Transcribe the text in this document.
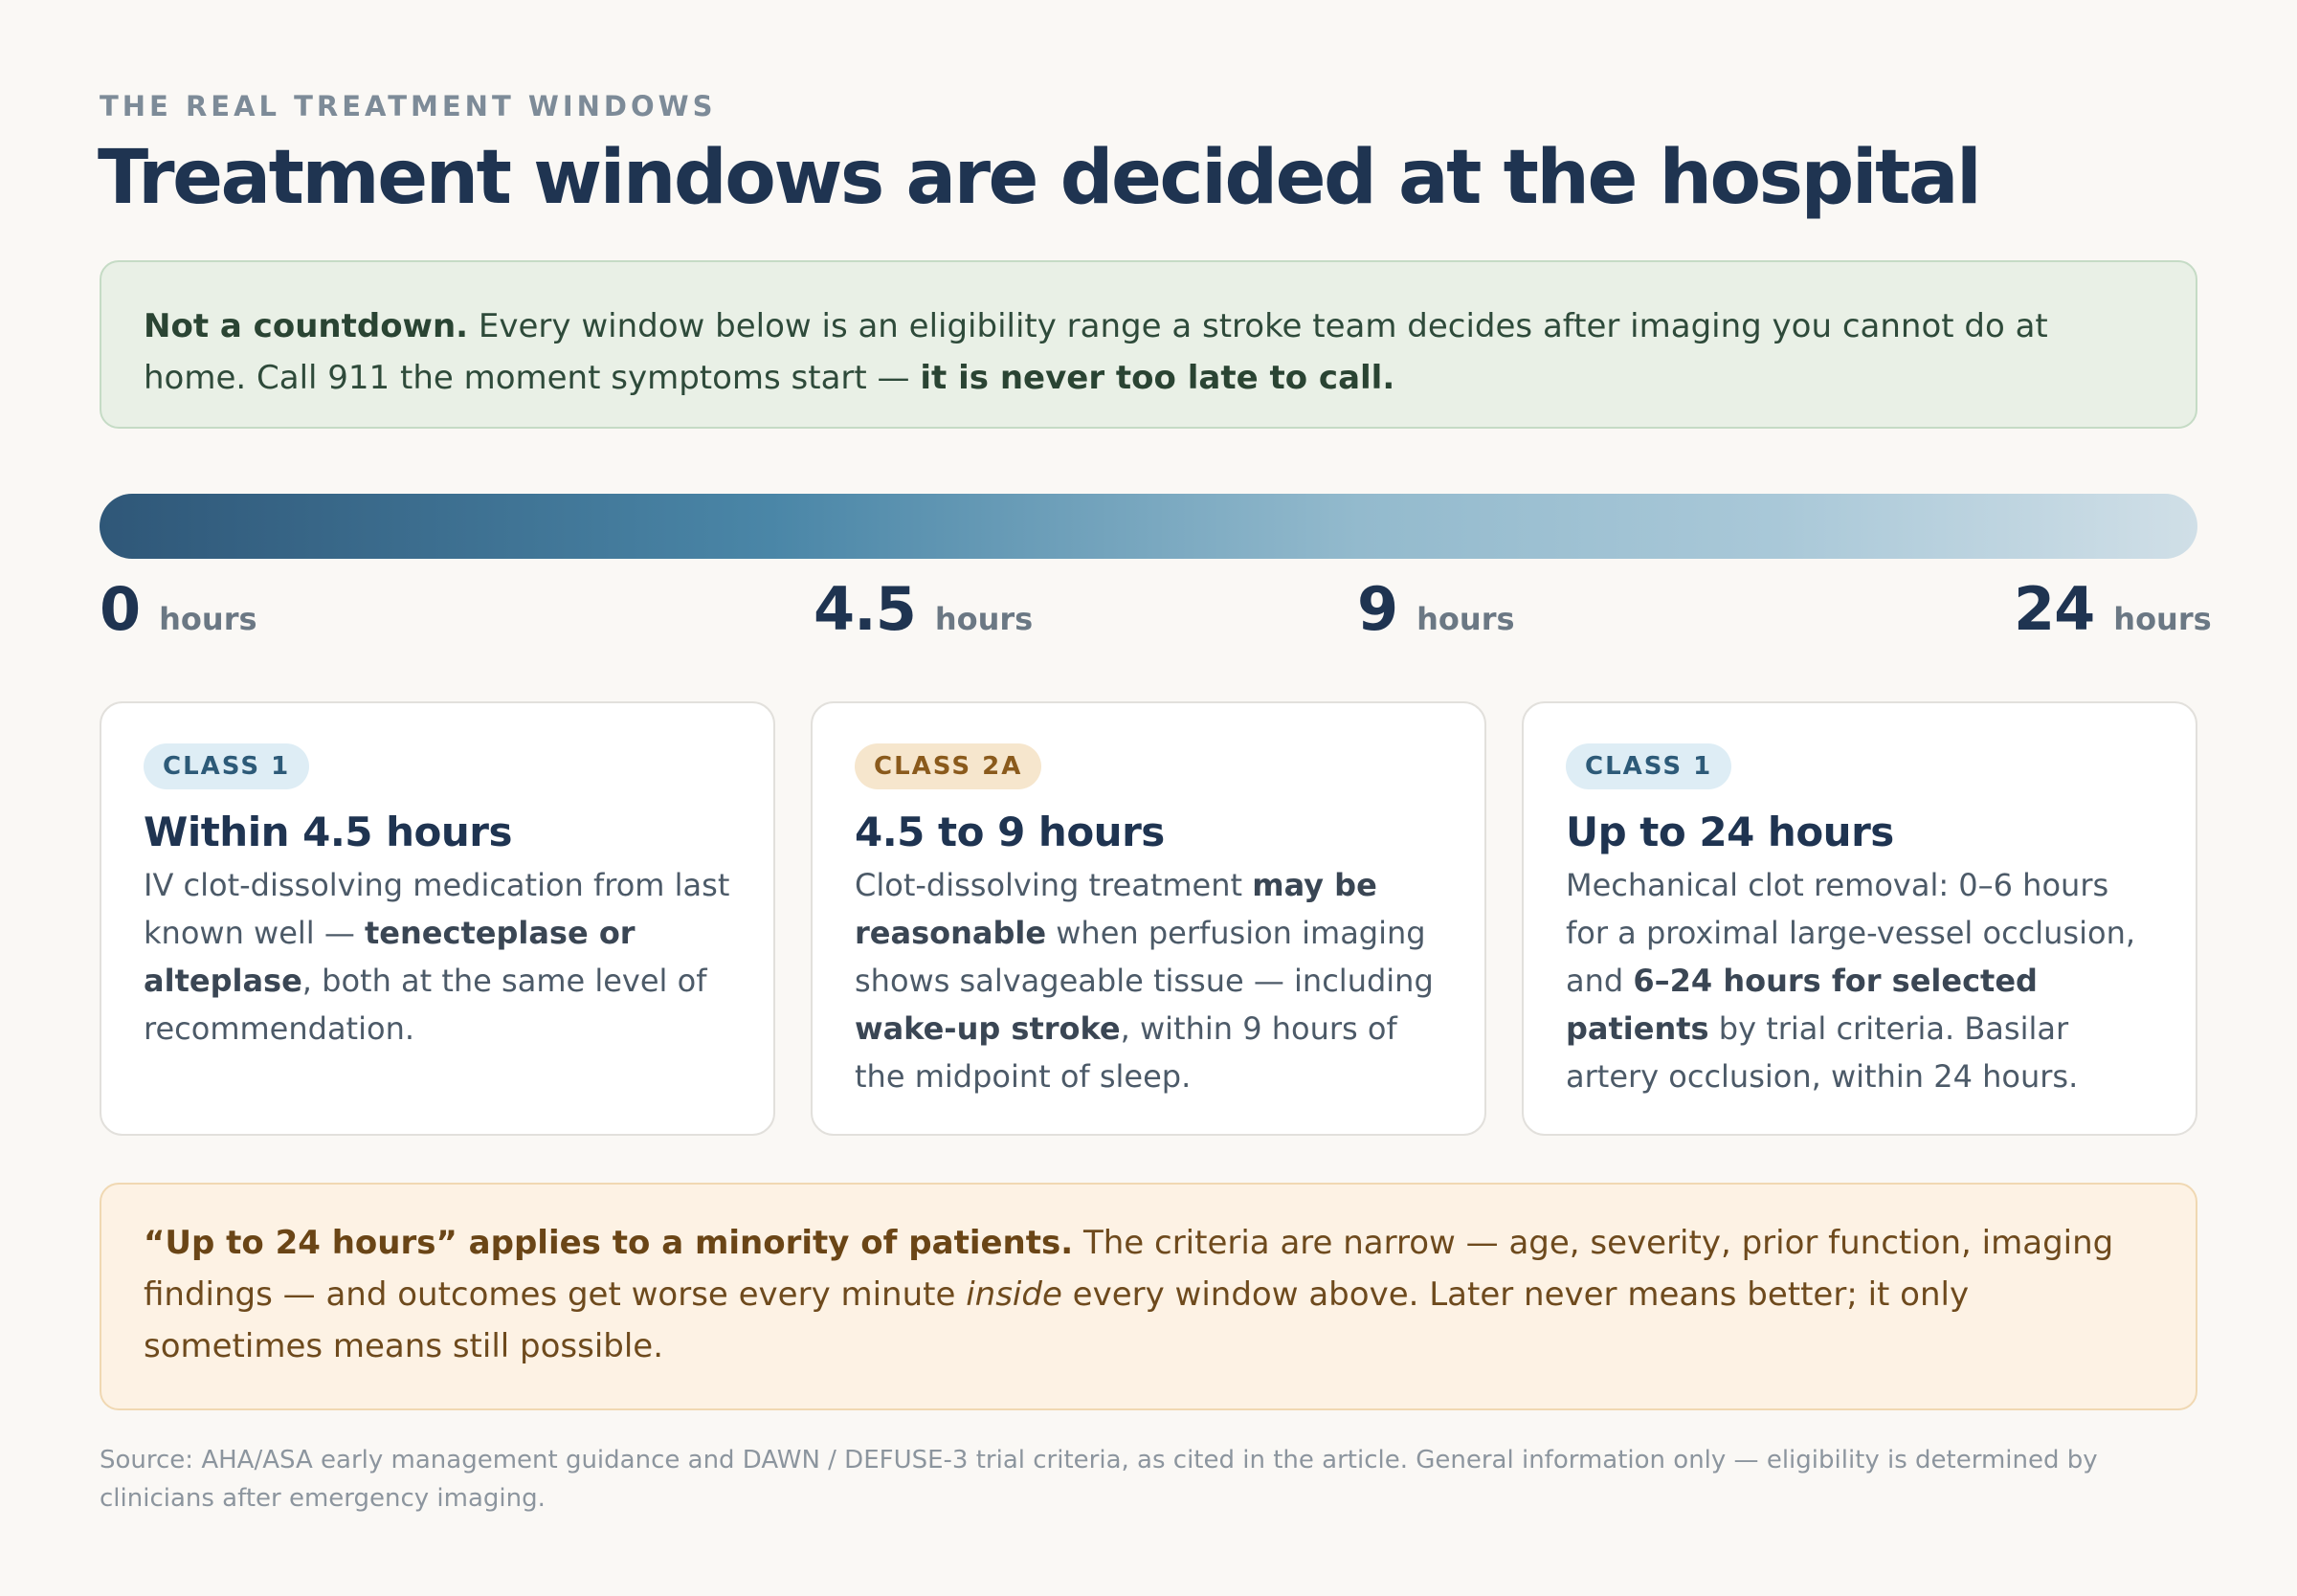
THE REAL TREATMENT WINDOWS
Treatment windows are decided at the hospital
Not a countdown. Every window below is an eligibility range a stroke team decides after imaging you cannot do at home. Call 911 the moment symptoms start — it is never too late to call.
0 hours	4.5 hours	9 hours	24 hours
CLASS 1
Within 4.5 hours
IV clot-dissolving medication from last known well — tenecteplase or alteplase, both at the same level of recommendation.
CLASS 2A
4.5 to 9 hours
Clot-dissolving treatment may be reasonable when perfusion imaging shows salvageable tissue — including wake-up stroke, within 9 hours of the midpoint of sleep.
CLASS 1
Up to 24 hours
Mechanical clot removal: 0–6 hours for a proximal large-vessel occlusion, and 6–24 hours for selected patients by trial criteria. Basilar artery occlusion, within 24 hours.
“Up to 24 hours” applies to a minority of patients. The criteria are narrow — age, severity, prior function, imaging findings — and outcomes get worse every minute inside every window above. Later never means better; it only sometimes means still possible.
Source: AHA/ASA early management guidance and DAWN / DEFUSE-3 trial criteria, as cited in the article. General information only — eligibility is determined by clinicians after emergency imaging.
